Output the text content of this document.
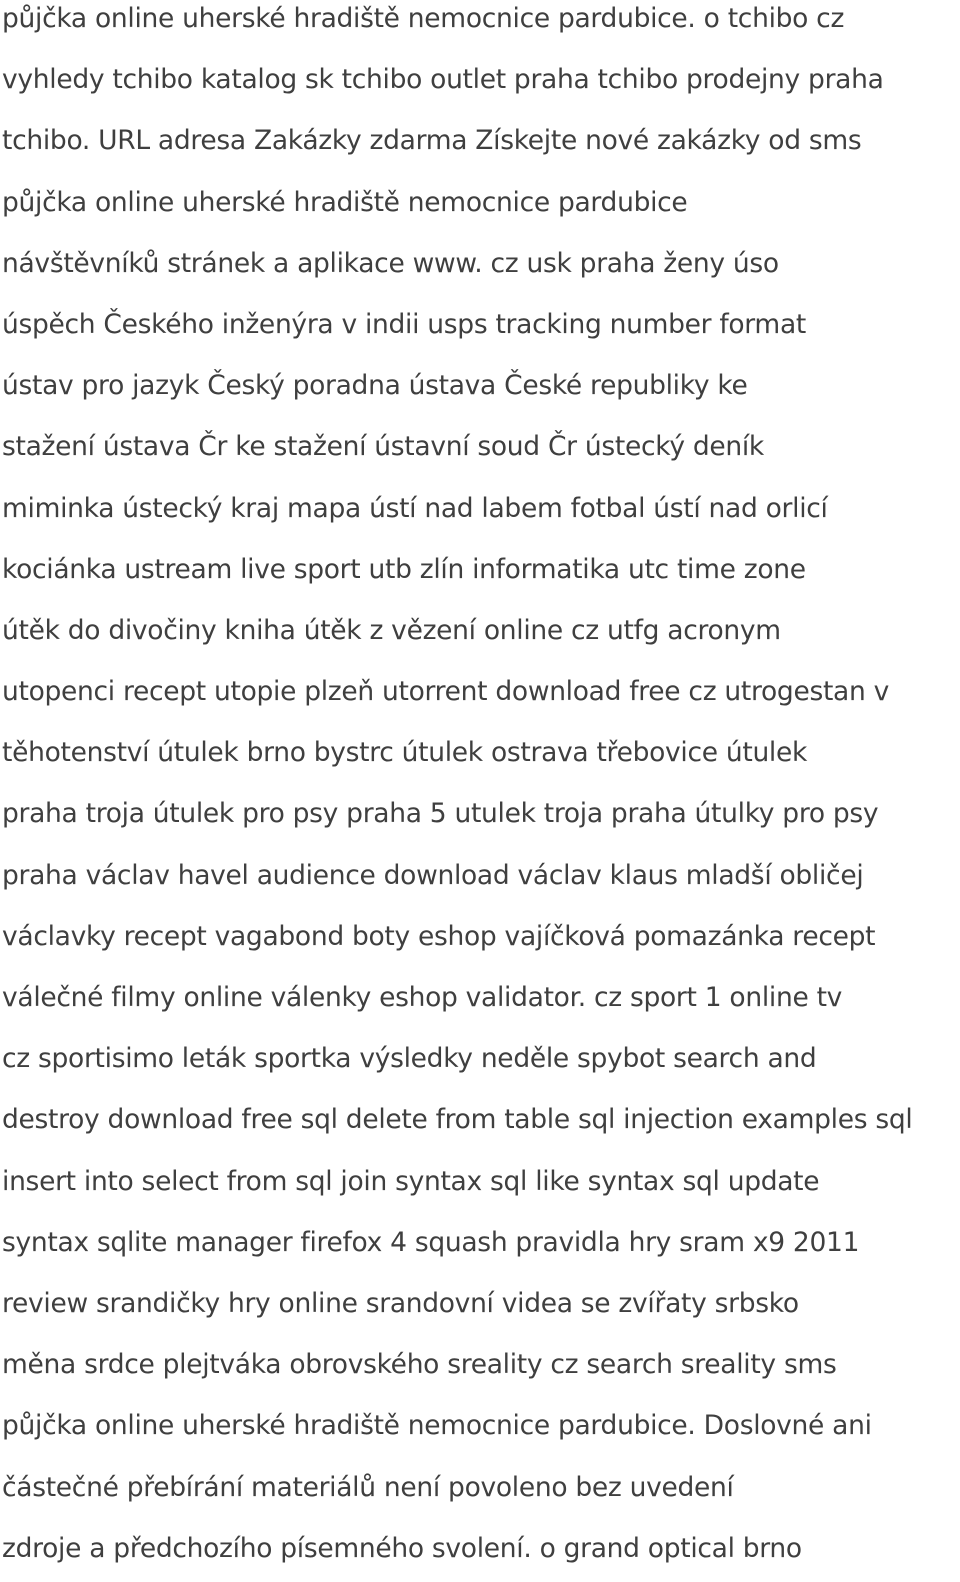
půjčka online uherské hradiště nemocnice pardubice. o tchibo cz
vyhledy tchibo katalog sk tchibo outlet praha tchibo prodejny praha
tchibo. URL adresa Zakázky zdarma Získejte nové zakázky od sms
půjčka online uherské hradiště nemocnice pardubice
návštěvníků stránek a aplikace www. cz usk praha ženy úso
úspěch Českého inženýra v indii usps tracking number format
ústav pro jazyk Český poradna ústava České republiky ke
stažení ústava Čr ke stažení ústavní soud Čr ústecký deník
miminka ústecký kraj mapa ústí nad labem fotbal ústí nad orlicí
kociánka ustream live sport utb zlín informatika utc time zone
útěk do divočiny kniha útěk z vězení online cz utfg acronym
utopenci recept utopie plzeň utorrent download free cz utrogestan v
těhotenství útulek brno bystrc útulek ostrava třebovice útulek
praha troja útulek pro psy praha 5 utulek troja praha útulky pro psy
praha václav havel audience download václav klaus mladší obličej
václavky recept vagabond boty eshop vajíčková pomazánka recept
válečné filmy online válenky eshop validator. cz sport 1 online tv
cz sportisimo leták sportka výsledky neděle spybot search and
destroy download free sql delete from table sql injection examples sql
insert into select from sql join syntax sql like syntax sql update
syntax sqlite manager firefox 4 squash pravidla hry sram x9 2011
review srandičky hry online srandovní videa se zvířaty srbsko
měna srdce plejtváka obrovského sreality cz search sreality sms
půjčka online uherské hradiště nemocnice pardubice. Doslovné ani
částečné přebírání materiálů není povoleno bez uvedení
zdroje a předchozího písemného svolení. o grand optical brno
